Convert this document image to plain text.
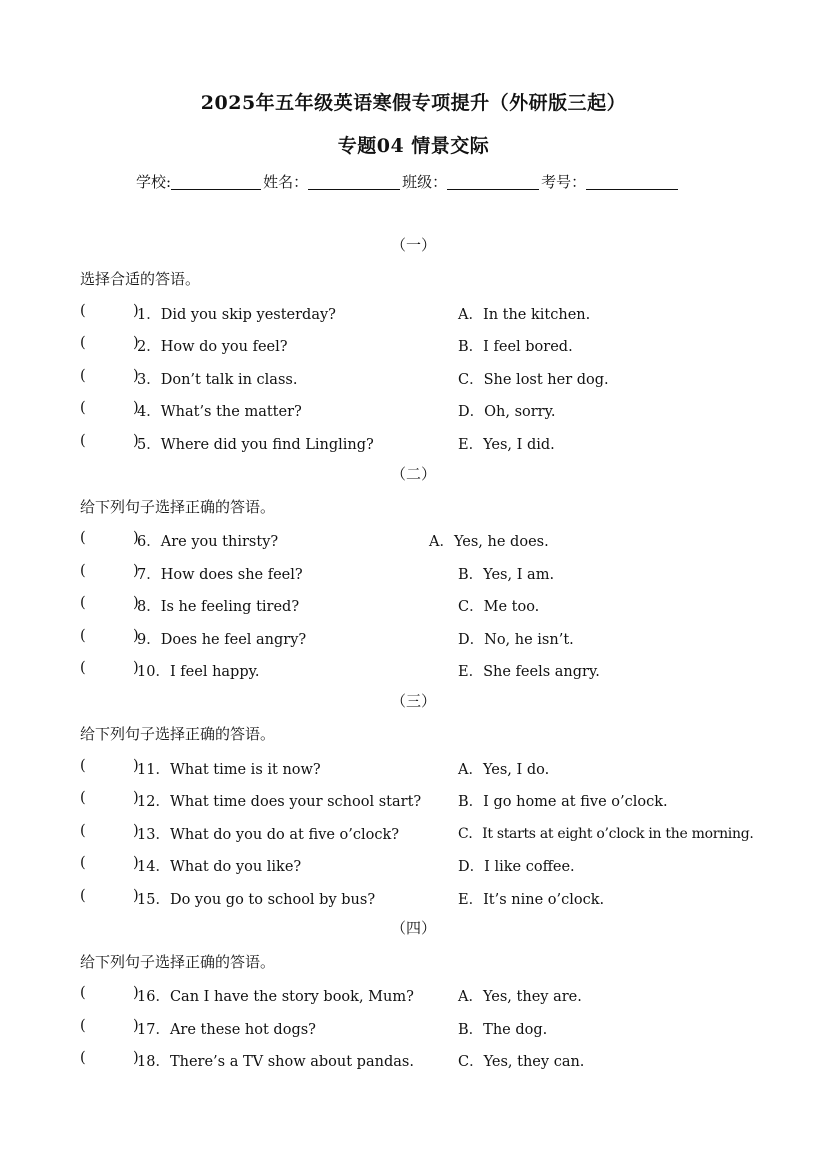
2025年五年级英语寒假专项提升（外研版三起）
专题04 情景交际
学校:	姓名：	班级：	考号：
（一）
选择合适的答语。
(	)
1．Did you skip yesterday?
(	)
2．How do you feel?
(	)
3．Don’t talk in class.
(	)
4．What’s the matter?
(	)
5．Where did you find Lingling?
A．In the kitchen.
B．I feel bored.
C．She lost her dog.
D．Oh, sorry.
E．Yes, I did.
（二）
给下列句子选择正确的答语。
(	)
6．Are you thirsty?
(	)
7．How does she feel?
(	)
8．Is he feeling tired?
(	)
9．Does he feel angry?
(	)
10．I feel happy.
A．Yes, he does.
B．Yes, I am.
C．Me too.
D．No, he isn’t.
E．She feels angry.
（三）
给下列句子选择正确的答语。
(	)
11．What time is it now?
(	)
12．What time does your school start?
(	)
13．What do you do at five o’clock?
(	)
14．What do you like?
(	)
15．Do you go to school by bus?
A．Yes, I do.
B．I go home at five o’clock.
C．It starts at eight o’clock in the morning.
D．I like coffee.
E．It’s nine o’clock.
（四）
给下列句子选择正确的答语。
(	)
16．Can I have the story book, Mum?
(	)
17．Are these hot dogs?
(	)
18．There’s a TV show about pandas.
A．Yes, they are.
B．The dog.
C．Yes, they can.
